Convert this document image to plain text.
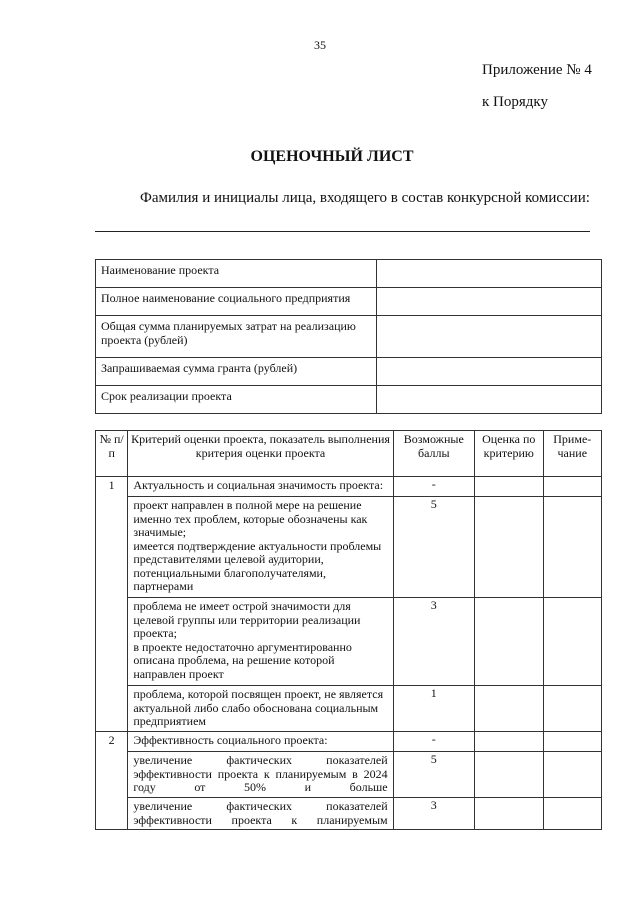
35
Приложение № 4
к Порядку
ОЦЕНОЧНЫЙ ЛИСТ
Фамилия и инициалы лица, входящего в состав конкурсной комиссии:
Наименование проекта	
Полное наименование социального предприятия	
Общая сумма планируемых затрат на реализацию проекта (рублей)	
Запрашиваемая сумма гранта (рублей)	
Срок реализации проекта	
№ п/п	Критерий оценки проекта, показатель выполнения критерия оценки проекта	Возможные баллы	Оценка по критерию	Приме-чание
1	Актуальность и социальная значимость проекта:	-		
	проект направлен в полной мере на решение именно тех проблем, которые обозначены как значимые;
имеется подтверждение актуальности проблемы представителями целевой аудитории, потенциальными благополучателями, партнерами	5		
	проблема не имеет острой значимости для целевой группы или территории реализации проекта;
в проекте недостаточно аргументированно описана проблема, на решение которой направлен проект	3		
	проблема, которой посвящен проект, не является актуальной либо слабо обоснована социальным предприятием	1		
2	Эффективность социального проекта:	-		
	увеличение фактических показателей эффективности проекта к планируемым в 2024 году от 50% и больше	5		
	увеличение фактических показателей эффективности проекта к планируемым	3		
